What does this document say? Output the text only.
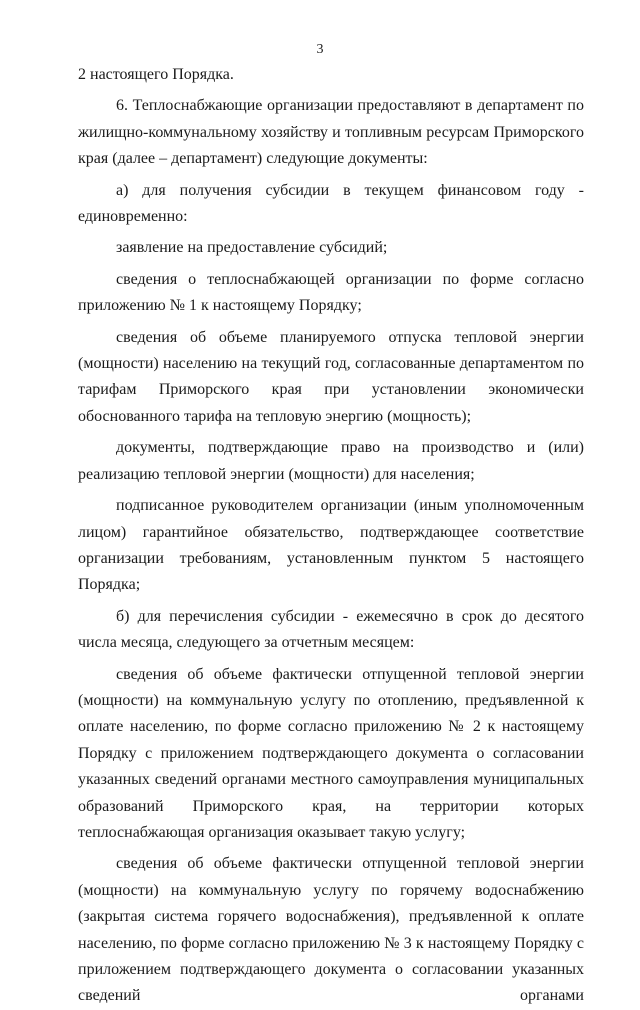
3

2 настоящего Порядка.

6. Теплоснабжающие организации предоставляют в департамент по жилищно-коммунальному хозяйству и топливным ресурсам Приморского края (далее – департамент) следующие документы:

а) для получения субсидии в текущем финансовом году - единовременно:

заявление на предоставление субсидий;

сведения о теплоснабжающей организации по форме согласно приложению № 1 к настоящему Порядку;

сведения об объеме планируемого отпуска тепловой энергии (мощности) населению на текущий год, согласованные департаментом по тарифам Приморского края при установлении экономически обоснованного тарифа на тепловую энергию (мощность);

документы, подтверждающие право на производство и (или) реализацию тепловой энергии (мощности) для населения;

подписанное руководителем организации (иным уполномоченным лицом) гарантийное обязательство, подтверждающее соответствие организации требованиям, установленным пунктом 5 настоящего Порядка;

б) для перечисления субсидии - ежемесячно в срок до десятого числа месяца, следующего за отчетным месяцем:

сведения об объеме фактически отпущенной тепловой энергии (мощности) на коммунальную услугу по отоплению, предъявленной к оплате населению, по форме согласно приложению № 2 к настоящему Порядку с приложением подтверждающего документа о согласовании указанных сведений органами местного самоуправления муниципальных образований Приморского края, на территории которых теплоснабжающая организация оказывает такую услугу;

сведения об объеме фактически отпущенной тепловой энергии (мощности) на коммунальную услугу по горячему водоснабжению (закрытая система горячего водоснабжения), предъявленной к оплате населению, по форме согласно приложению № 3 к настоящему Порядку с приложением подтверждающего документа о согласовании указанных сведений органами
